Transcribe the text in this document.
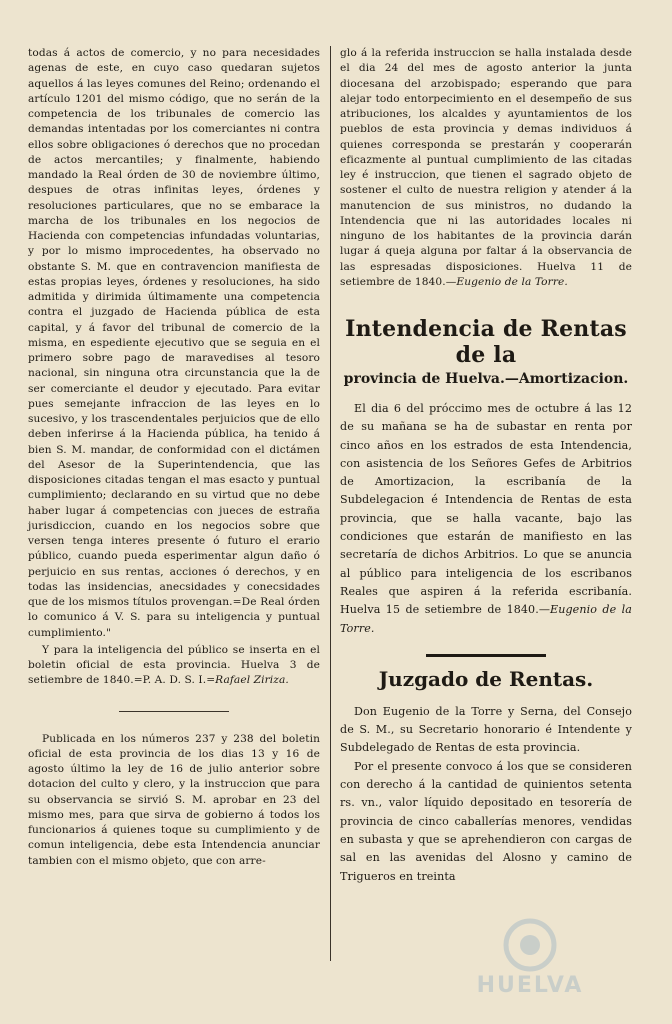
todas á actos de comercio, y no para necesidades agenas de este, en cuyo caso quedaran sujetos aquellos á las leyes comunes del Reino; ordenando el artículo 1201 del mismo código, que no serán de la competencia de los tribunales de comercio las demandas intentadas por los comerciantes ni contra ellos sobre obligaciones ó derechos que no procedan de actos mercantiles; y finalmente, habiendo mandado la Real órden de 30 de noviembre último, despues de otras infinitas leyes, órdenes y resoluciones particulares, que no se embarace la marcha de los tribunales en los negocios de Hacienda con competencias infundadas voluntarias, y por lo mismo improcedentes, ha observado no obstante S. M. que en contravencion manifiesta de estas propias leyes, órdenes y resoluciones, ha sido admitida y dirimida últimamente una competencia contra el juzgado de Hacienda pública de esta capital, y á favor del tribunal de comercio de la misma, en espediente ejecutivo que se seguia en el primero sobre pago de maravedises al tesoro nacional, sin ninguna otra circunstancia que la de ser comerciante el deudor y ejecutado. Para evitar pues semejante infraccion de las leyes en lo sucesivo, y los trascendentales perjuicios que de ello deben inferirse á la Hacienda pública, ha tenido á bien S. M. mandar, de conformidad con el dictámen del Asesor de la Superintendencia, que las disposiciones citadas tengan el mas esacto y puntual cumplimiento; declarando en su virtud que no debe haber lugar á competencias con jueces de estraña jurisdiccion, cuando en los negocios sobre que versen tenga interes presente ó futuro el erario público, cuando pueda esperimentar algun daño ó perjuicio en sus rentas, acciones ó derechos, y en todas las insidencias, anecsidades y conecsidades que de los mismos títulos provengan.=De Real órden lo comunico á V. S. para su inteligencia y puntual cumplimiento."

Y para la inteligencia del público se inserta en el boletin oficial de esta provincia. Huelva 3 de setiembre de 1840.=P. A. D. S. I.=Rafael Ziriza.

Publicada en los números 237 y 238 del boletin oficial de esta provincia de los dias 13 y 16 de agosto último la ley de 16 de julio anterior sobre dotacion del culto y clero, y la instruccion que para su observancia se sirvió S. M. aprobar en 23 del mismo mes, para que sirva de gobierno á todos los funcionarios á quienes toque su cumplimiento y de comun inteligencia, debe esta Intendencia anunciar tambien con el mismo objeto, que con arre-

glo á la referida instruccion se halla instalada desde el dia 24 del mes de agosto anterior la junta diocesana del arzobispado; esperando que para alejar todo entorpecimiento en el desempeño de sus atribuciones, los alcaldes y ayuntamientos de los pueblos de esta provincia y demas individuos á quienes corresponda se prestarán y cooperarán eficazmente al puntual cumplimiento de las citadas ley é instruccion, que tienen el sagrado objeto de sostener el culto de nuestra religion y atender á la manutencion de sus ministros, no dudando la Intendencia que ni las autoridades locales ni ninguno de los habitantes de la provincia darán lugar á queja alguna por faltar á la observancia de las espresadas disposiciones. Huelva 11 de setiembre de 1840.—Eugenio de la Torre.

Intendencia de Rentas de la
provincia de Huelva.—Amortizacion.

El dia 6 del próccimo mes de octubre á las 12 de su mañana se ha de subastar en renta por cinco años en los estrados de esta Intendencia, con asistencia de los Señores Gefes de Arbitrios de Amortizacion, la escribanía de la Subdelegacion é Intendencia de Rentas de esta provincia, que se halla vacante, bajo las condiciones que estarán de manifiesto en las secretaría de dichos Arbitrios. Lo que se anuncia al público para inteligencia de los escribanos Reales que aspiren á la referida escribanía. Huelva 15 de setiembre de 1840.—Eugenio de la Torre.

Juzgado de Rentas.

Don Eugenio de la Torre y Serna, del Consejo de S. M., su Secretario honorario é Intendente y Subdelegado de Rentas de esta provincia.

Por el presente convoco á los que se consideren con derecho á la cantidad de quinientos setenta rs. vn., valor líquido depositado en tesorería de provincia de cinco caballerías menores, vendidas en subasta y que se aprehendieron con cargas de sal en las avenidas del Alosno y camino de Trigueros en treinta

HUELVA
